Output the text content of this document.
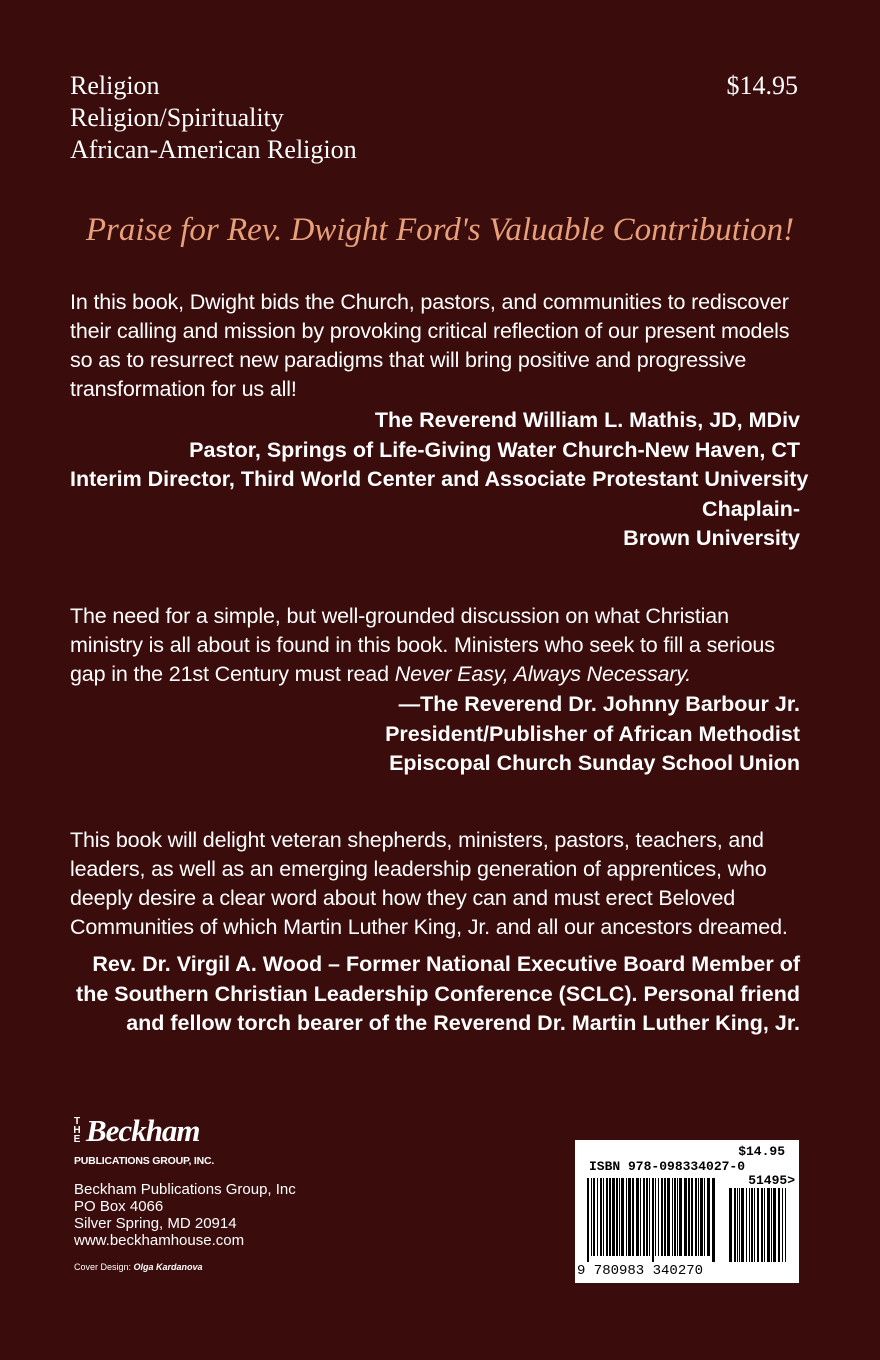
Religion
Religion/Spirituality
African-American Religion
$14.95
Praise for Rev. Dwight Ford's Valuable Contribution!

In this book, Dwight bids the Church, pastors, and communities to rediscover their calling and mission by provoking critical reflection of our present models so as to resurrect new paradigms that will bring positive and progressive transformation for us all!

The Reverend William L. Mathis, JD, MDiv
Pastor, Springs of Life-Giving Water Church-New Haven, CT
Interim Director, Third World Center and Associate Protestant University
Chaplain-
Brown University

The need for a simple, but well-grounded discussion on what Christian ministry is all about is found in this book. Ministers who seek to fill a serious gap in the 21st Century must read Never Easy, Always Necessary.

—The Reverend Dr. Johnny Barbour Jr.
President/Publisher of African Methodist
Episcopal Church Sunday School Union

This book will delight veteran shepherds, ministers, pastors, teachers, and leaders, as well as an emerging leadership generation of apprentices, who deeply desire a clear word about how they can and must erect Beloved Communities of which Martin Luther King, Jr. and all our ancestors dreamed.

Rev. Dr. Virgil A. Wood – Former National Executive Board Member of
the Southern Christian Leadership Conference (SCLC). Personal friend
and fellow torch bearer of the Reverend Dr. Martin Luther King, Jr.
T
H
E Beckham
PUBLICATIONS GROUP, INC.
Beckham Publications Group, Inc
PO Box 4066
Silver Spring, MD 20914
www.beckhamhouse.com
Cover Design: Olga Kardanova
$14.95
ISBN 978-098334027-0
51495>
9 780983 340270
